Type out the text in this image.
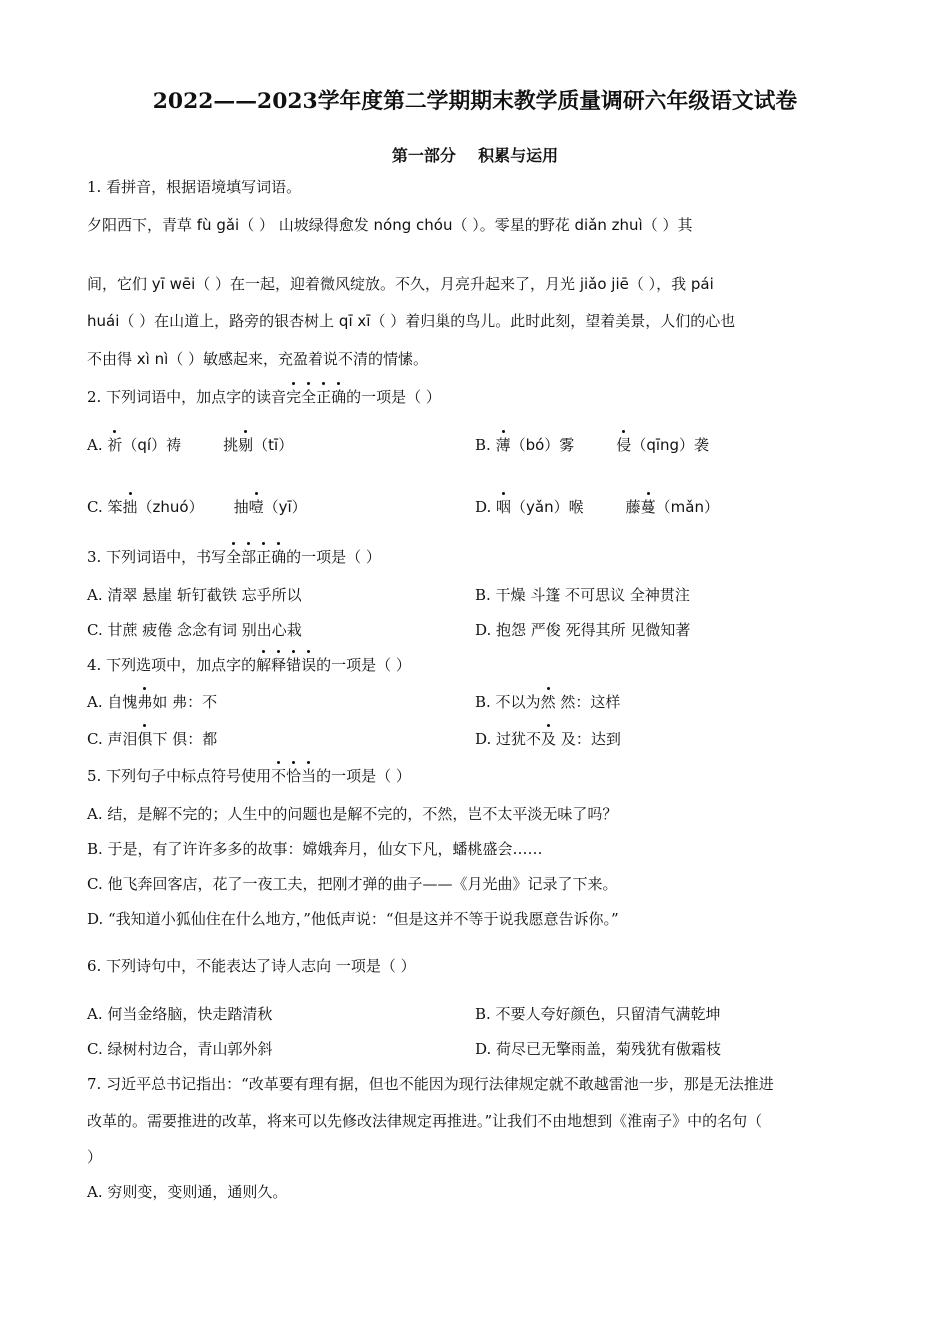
2022——2023学年度第二学期期末教学质量调研六年级语文试卷
第一部分    积累与运用
1. 看拼音，根据语境填写词语。
夕阳西下，青草 fù gǎi（ ） 山坡绿得愈发 nóng chóu（ ）。零星的野花 diǎn zhuì（ ）其
间，它们 yī wēi（ ）在一起，迎着微风绽放。不久，月亮升起来了，月光 jiǎo jiē（ ），我 pái
huái（ ）在山道上，路旁的银杏树上 qī xī（ ）着归巢的鸟儿。此时此刻，望着美景，人们的心也
不由得 xì nì（ ）敏感起来，充盈着说不清的情愫。
2. 下列词语中，加点字的读音完全正确的一项是（ ）
A. 祈（qí）祷	挑剔（tī）	B. 薄（bó）雾	侵（qīng）袭
C. 笨拙（zhuó） 抽噎（yī）	D. 咽（yǎn）喉	藤蔓（mǎn）
3. 下列词语中，书写全部正确的一项是（ ）
A. 清翠 悬崖 斩钉截铁 忘乎所以	B. 干燥 斗篷 不可思议 全神贯注
C. 甘蔗 疲倦 念念有词 别出心栽	D. 抱怨 严俊 死得其所 见微知著
4. 下列选项中，加点字的解释错误的一项是（ ）
A. 自愧弗如 弗：不	B. 不以为然 然：这样
C. 声泪俱下 俱：都	D. 过犹不及 及：达到
5. 下列句子中标点符号使用不恰当的一项是（ ）
A. 结，是解不完的；人生中的问题也是解不完的，不然，岂不太平淡无味了吗？
B. 于是，有了许许多多的故事：嫦娥奔月，仙女下凡，蟠桃盛会……
C. 他飞奔回客店，花了一夜工夫，把刚才弹的曲子——《月光曲》记录了下来。
D. “我知道小狐仙住在什么地方，”他低声说：“但是这并不等于说我愿意告诉你。”
6. 下列诗句中，不能表达了诗人志向 一项是（ ）
A. 何当金络脑，快走踏清秋	B. 不要人夸好颜色，只留清气满乾坤
C. 绿树村边合，青山郭外斜	D. 荷尽已无擎雨盖，菊残犹有傲霜枝
7. 习近平总书记指出：“改革要有理有据，但也不能因为现行法律规定就不敢越雷池一步，那是无法推进
改革的。需要推进的改革，将来可以先修改法律规定再推进。”让我们不由地想到《淮南子》中的名句（
）
A. 穷则变，变则通，通则久。
